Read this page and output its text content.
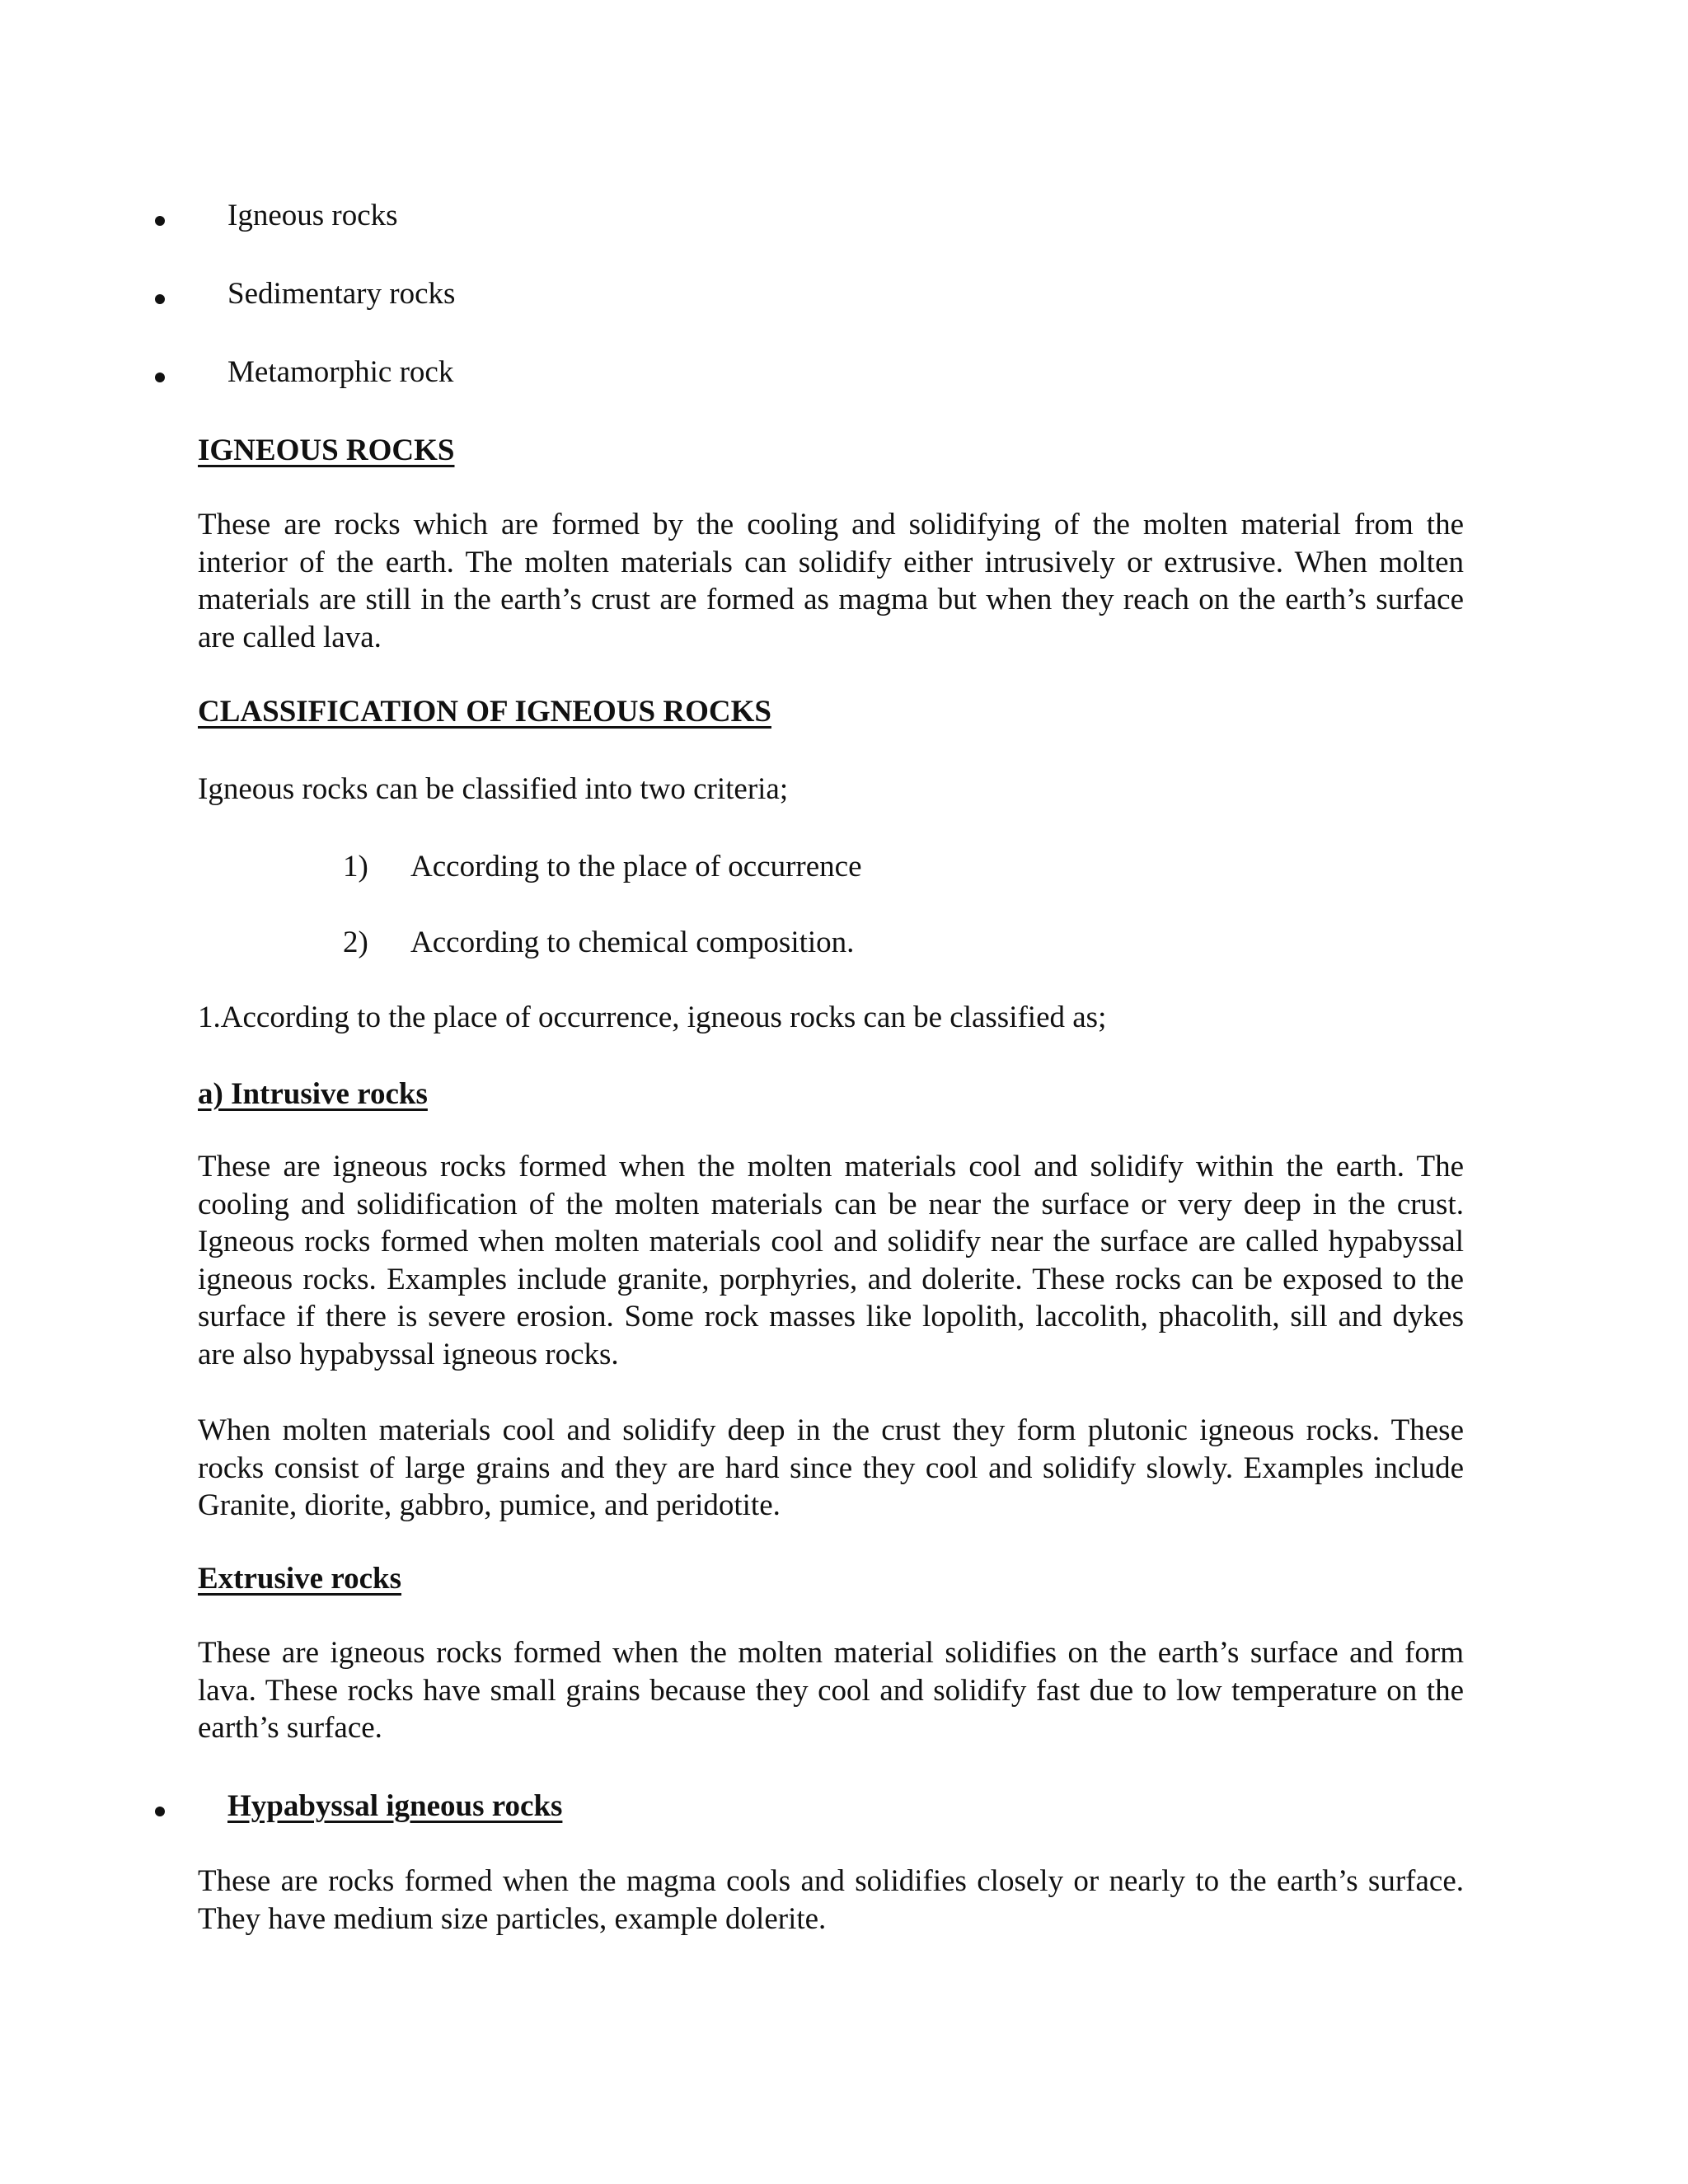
Igneous rocks
Sedimentary rocks
Metamorphic rock
IGNEOUS ROCKS

These are rocks which are formed by the cooling and solidifying of the molten material from the interior of the earth. The molten materials can solidify either intrusively or extrusive. When molten materials are still in the earth’s crust are formed as magma but when they reach on the earth’s surface are called lava.

CLASSIFICATION OF IGNEOUS ROCKS
Igneous rocks can be classified into two criteria;
1) According to the place of occurrence
2) According to chemical composition.
1.According to the place of occurrence, igneous rocks can be classified as;
a) Intrusive rocks

These are igneous rocks formed when the molten materials cool and solidify within the earth. The cooling and solidification of the molten materials can be near the surface or very deep in the crust. Igneous rocks formed when molten materials cool and solidify near the surface are called hypabyssal igneous rocks. Examples include granite, porphyries, and dolerite. These rocks can be exposed to the surface if there is severe erosion. Some rock masses like lopolith, laccolith, phacolith, sill and dykes are also hypabyssal igneous rocks.

When molten materials cool and solidify deep in the crust they form plutonic igneous rocks. These rocks consist of large grains and they are hard since they cool and solidify slowly. Examples include Granite, diorite, gabbro, pumice, and peridotite.

Extrusive rocks

These are igneous rocks formed when the molten material solidifies on the earth’s surface and form lava. These rocks have small grains because they cool and solidify fast due to low temperature on the earth’s surface.

Hypabyssal igneous rocks

These are rocks formed when the magma cools and solidifies closely or nearly to the earth’s surface. They have medium size particles, example dolerite.
